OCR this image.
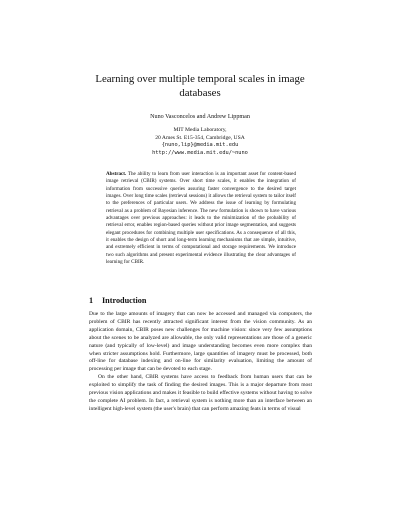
Learning over multiple temporal scales in image
databases
Nuno Vasconcelos and Andrew Lippman
MIT Media Laboratory,
20 Ames St. E15-354, Cambridge, USA
{nuno,lip}@media.mit.edu
http://www.media.mit.edu/~nuno
Abstract. The ability to learn from user interaction is an important asset for content-based image retrieval (CBIR) systems. Over short time scales, it enables the integration of information from successive queries assuring faster convergence to the desired target images. Over long time scales (retrieval sessions) it allows the retrieval system to tailor itself to the preferences of particular users. We address the issue of learning by formulating retrieval as a problem of Bayesian inference. The new formulation is shown to have various advantages over previous approaches: it leads to the minimization of the probability of retrieval error, enables region-based queries without prior image segmentation, and suggests elegant procedures for combining multiple user specifications. As a consequence of all this, it enables the design of short and long-term learning mechanisms that are simple, intuitive, and extremely efficient in terms of computational and storage requirements. We introduce two such algorithms and present experimental evidence illustrating the clear advantages of learning for CBIR.
1 Introduction

Due to the large amounts of imagery that can now be accessed and managed via computers, the problem of CBIR has recently attracted significant interest from the vision community. As an application domain, CBIR poses new challenges for machine vision: since very few assumptions about the scenes to be analyzed are allowable, the only valid representations are those of a generic nature (and typically of low-level) and image understanding becomes even more complex than when stricter assumptions hold. Furthermore, large quantities of imagery must be processed, both off-line for database indexing and on-line for similarity evaluation, limiting the amount of processing per image that can be devoted to each stage.

On the other hand, CBIR systems have access to feedback from human users that can be exploited to simplify the task of finding the desired images. This is a major departure from most previous vision applications and makes it feasible to build effective systems without having to solve the complete AI problem. In fact, a retrieval system is nothing more than an interface between an intelligent high-level system (the user's brain) that can perform amazing feats in terms of visual
